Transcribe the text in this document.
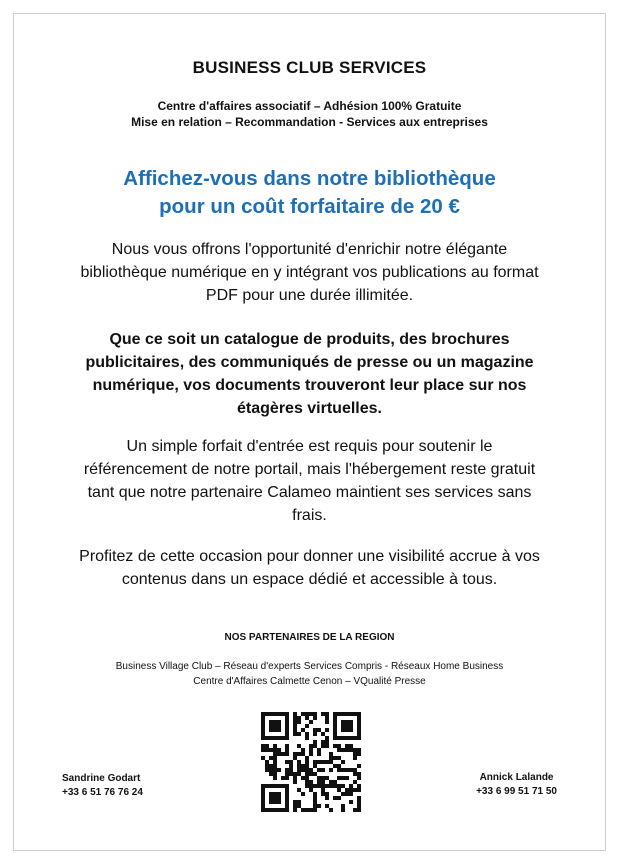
BUSINESS CLUB SERVICES
Centre d'affaires associatif – Adhésion 100% Gratuite
Mise en relation – Recommandation - Services aux entreprises
Affichez-vous dans notre bibliothèque
pour un coût forfaitaire de 20 €
Nous vous offrons l'opportunité d'enrichir notre élégante bibliothèque numérique en y intégrant vos publications au format PDF pour une durée illimitée.
Que ce soit un catalogue de produits, des brochures publicitaires, des communiqués de presse ou un magazine numérique, vos documents trouveront leur place sur nos étagères virtuelles.
Un simple forfait d'entrée est requis pour soutenir le référencement de notre portail, mais l'hébergement reste gratuit tant que notre partenaire Calameo maintient ses services sans frais.
Profitez de cette occasion pour donner une visibilité accrue à vos contenus dans un espace dédié et accessible à tous.
NOS PARTENAIRES DE LA REGION
Business Village Club – Réseau d'experts Services Compris - Réseaux Home Business
Centre d'Affaires Calmette Cenon – VQualité Presse
Sandrine Godart
+33 6 51 76 76 24
Annick Lalande
+33 6 99 51 71 50
